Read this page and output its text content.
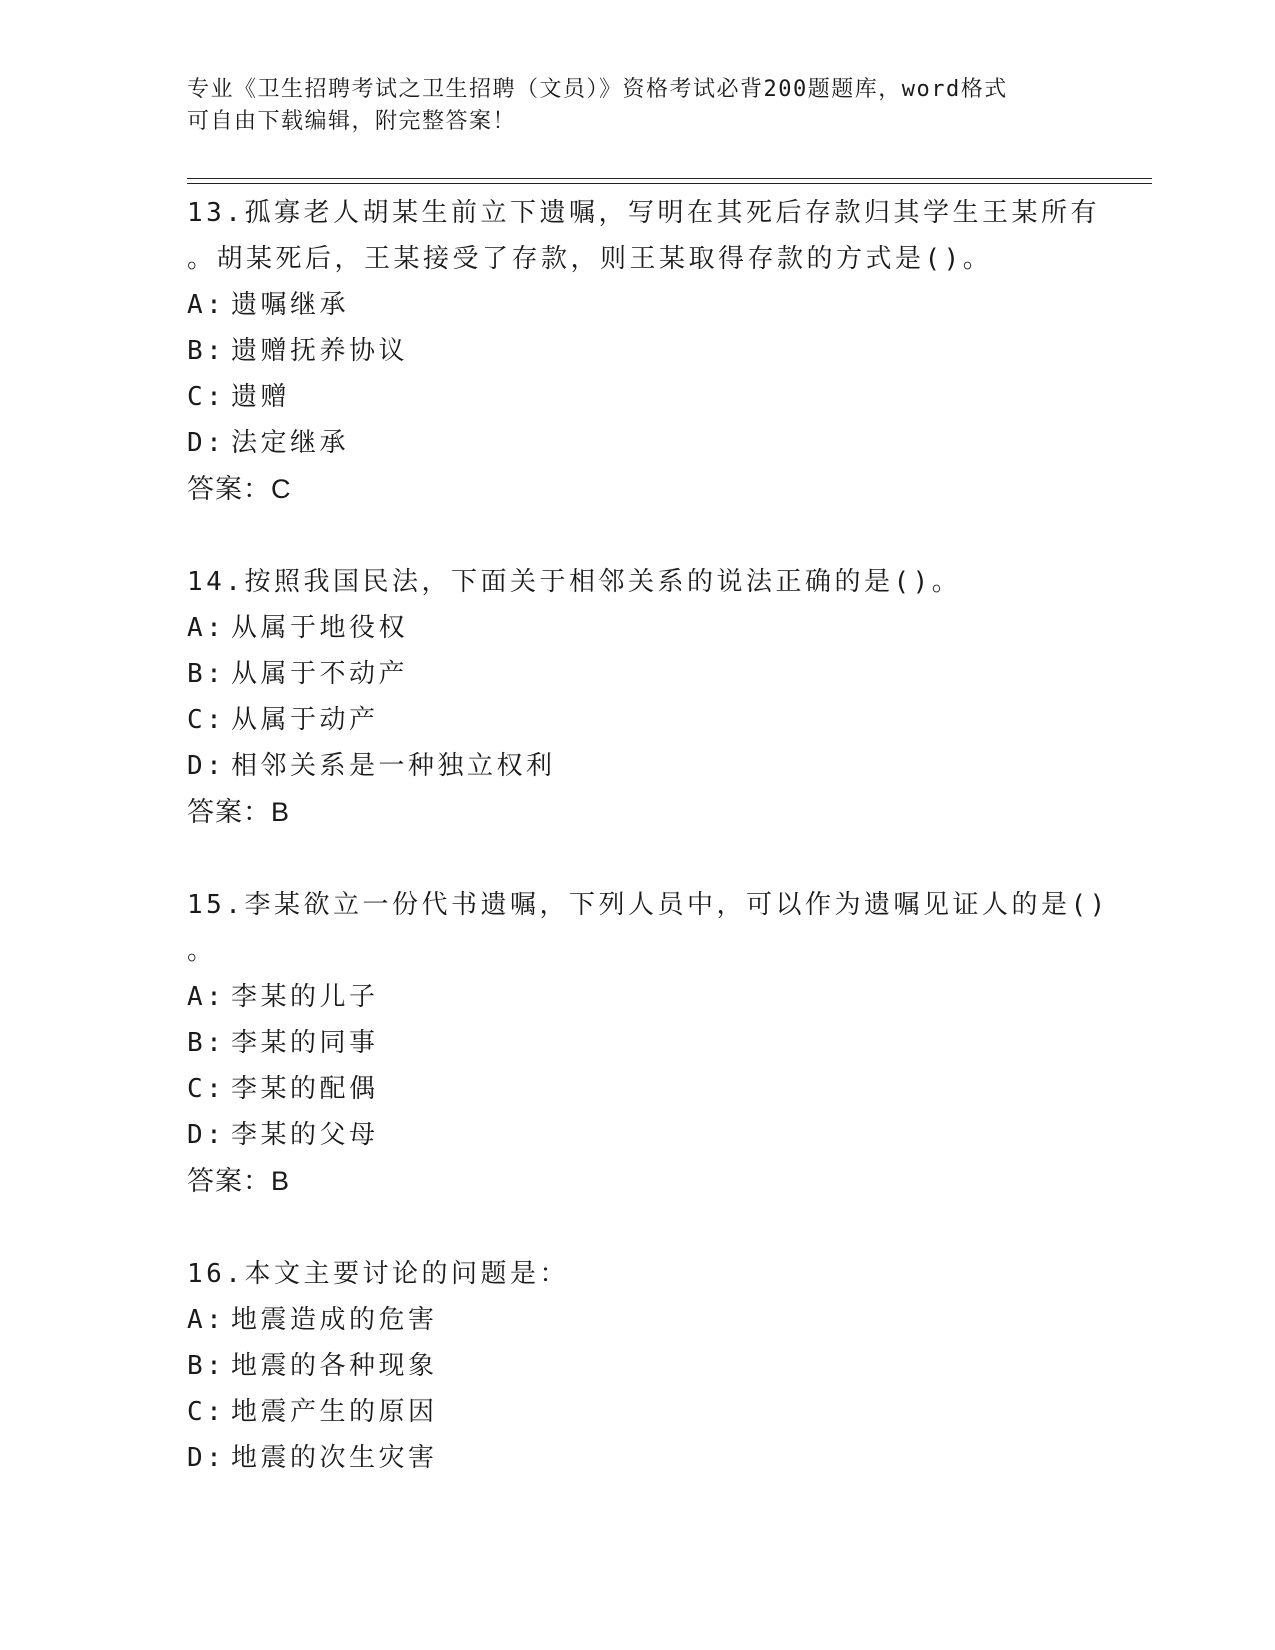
专业《卫生招聘考试之卫生招聘（文员）》资格考试必背200题题库，word格式
可自由下载编辑，附完整答案！
13.孤寡老人胡某生前立下遗嘱，写明在其死后存款归其学生王某所有
。胡某死后，王某接受了存款，则王某取得存款的方式是()。
A: 遗嘱继承
B: 遗赠抚养协议
C: 遗赠
D: 法定继承
答案：C
14.按照我国民法，下面关于相邻关系的说法正确的是()。
A: 从属于地役权
B: 从属于不动产
C: 从属于动产
D: 相邻关系是一种独立权利
答案：B
15.李某欲立一份代书遗嘱，下列人员中，可以作为遗嘱见证人的是()
。
A: 李某的儿子
B: 李某的同事
C: 李某的配偶
D: 李某的父母
答案：B
16.本文主要讨论的问题是：
A: 地震造成的危害
B: 地震的各种现象
C: 地震产生的原因
D: 地震的次生灾害
